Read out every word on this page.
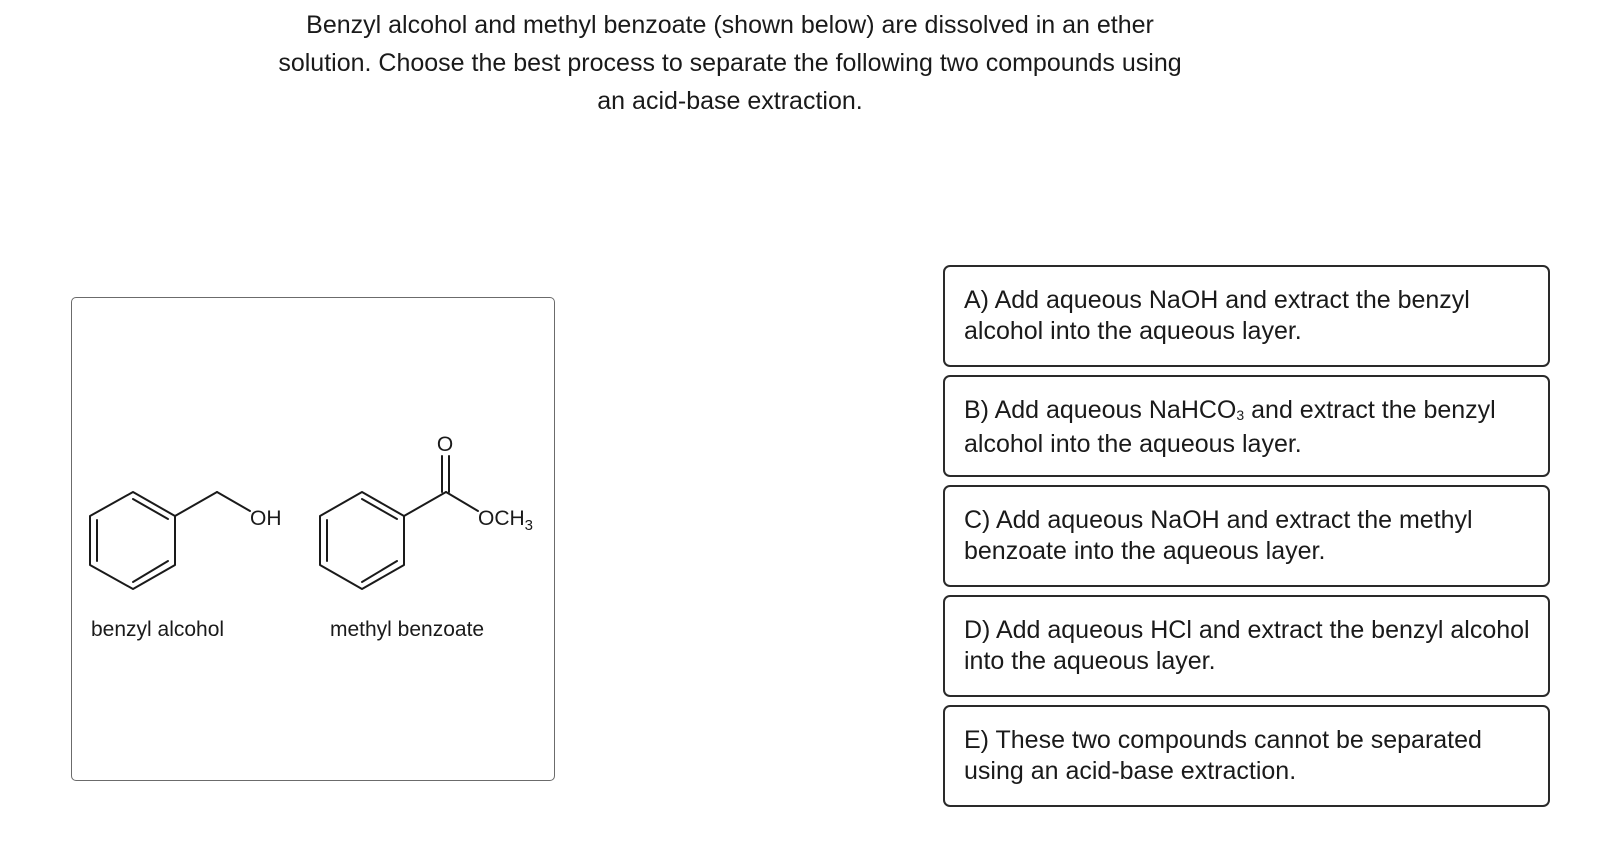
Benzyl alcohol and methyl benzoate (shown below) are dissolved in an ether
solution. Choose the best process to separate the following two compounds using
an acid-base extraction.
OH
O
$OCH_3$
benzyl alcohol	methyl benzoate
A) Add aqueous NaOH and extract the benzyl alcohol into the aqueous layer.
B) Add aqueous NaHCO$_3$ and extract the benzyl alcohol into the aqueous layer.
C) Add aqueous NaOH and extract the methyl benzoate into the aqueous layer.
D) Add aqueous HCl and extract the benzyl alcohol into the aqueous layer.
E) These two compounds cannot be separated using an acid-base extraction.
